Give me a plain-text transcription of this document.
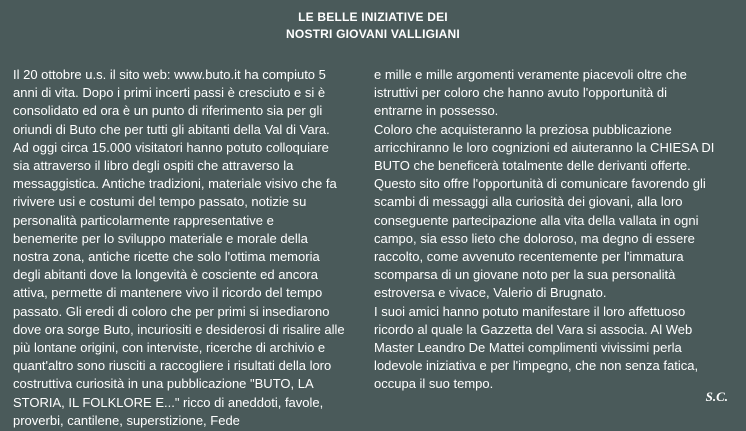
LE BELLE INIZIATIVE DEI
NOSTRI GIOVANI VALLIGIANI
Il 20 ottobre u.s. il sito web: www.buto.it ha compiuto 5
anni di vita. Dopo i primi incerti passi è cresciuto e si è
consolidato ed ora è un punto di riferimento sia per gli
oriundi di Buto che per tutti gli abitanti della Val di Vara.
Ad oggi circa 15.000 visitatori hanno potuto colloquiare
sia attraverso il libro degli ospiti che attraverso la
messaggistica. Antiche tradizioni, materiale visivo che fa
rivivere usi e costumi del tempo passato, notizie su
personalità particolarmente rappresentative e
benemerite per lo sviluppo materiale e morale della
nostra zona, antiche ricette che solo l'ottima memoria
degli abitanti dove la longevità è cosciente ed ancora
attiva, permette di mantenere vivo il ricordo del tempo
passato. Gli eredi di coloro che per primi si insediarono
dove ora sorge Buto, incuriositi e desiderosi di risalire alle
più lontane origini, con interviste, ricerche di archivio e
quant'altro sono riusciti a raccogliere i risultati della loro
costruttiva curiosità in una pubblicazione "BUTO, LA
STORIA, IL FOLKLORE E..." ricco di aneddoti, favole,
proverbi, cantilene, superstizione, Fede
e mille e mille argomenti veramente piacevoli oltre che
istruttivi per coloro che hanno avuto l'opportunità di
entrarne in possesso.
Coloro che acquisteranno la preziosa pubblicazione
arricchiranno le loro cognizioni ed aiuteranno la CHIESA DI
BUTO che beneficerà totalmente delle derivanti offerte.
Questo sito offre l'opportunità di comunicare favorendo gli
scambi di messaggi alla curiosità dei giovani, alla loro
conseguente partecipazione alla vita della vallata in ogni
campo, sia esso lieto che doloroso, ma degno di essere
raccolto, come avvenuto recentemente per l'immatura
scomparsa di un giovane noto per la sua personalità
estroversa e vivace, Valerio di Brugnato.
I suoi amici hanno potuto manifestare il loro affettuoso
ricordo al quale la Gazzetta del Vara si associa. Al Web
Master Leandro De Mattei complimenti vivissimi perla
lodevole iniziativa e per l'impegno, che non senza fatica,
occupa il suo tempo.
S.C.
